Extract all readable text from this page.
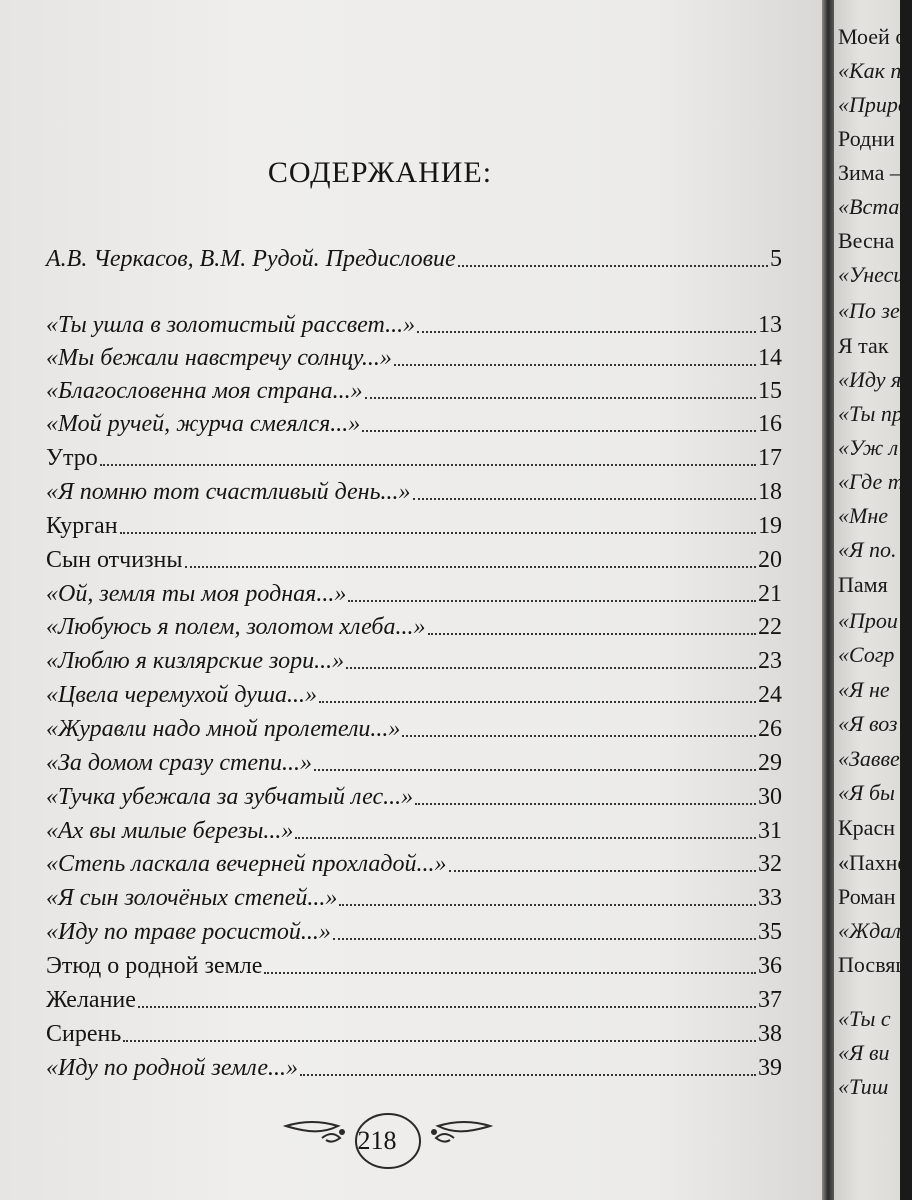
СОДЕРЖАНИЕ:
А.В. Черкасов, В.М. Рудой. Предисловие	5
«Ты ушла в золотистый рассвет...»	13
«Мы бежали навстречу солнцу...»	14
«Благословенна моя страна...»	15
«Мой ручей, журча смеялся...»	16
Утро	17
«Я помню тот счастливый день...»	18
Курган	19
Сын отчизны	20
«Ой, земля ты моя родная...»	21
«Любуюсь я полем, золотом хлеба...»	22
«Люблю я кизлярские зори...»	23
«Цвела черемухой душа...»	24
«Журавли надо мной пролетели...»	26
«За домом сразу степи...»	29
«Тучка убежала за зубчатый лес...»	30
«Ах вы милые березы...»	31
«Степь ласкала вечерней прохладой...»	32
«Я сын золочёных степей...»	33
«Иду по траве росистой...»	35
Этюд о родной земле	36
Желание	37
Сирень	38
«Иду по родной земле...»	39
218
Моей о
«Как п
«Приро
Родни
Зима –
«Вста
Весна
«Унеси
«По зе
Я так
«Иду я
«Ты пр
«Уж л
«Где т
«Мне
«Я по.
Памя
«Прои
«Согр
«Я не
«Я воз
«Завве
«Я бы
Красн
«Пахне
Роман
«Ждала
Посвящ
«Ты с
«Я ви
«Тиш
